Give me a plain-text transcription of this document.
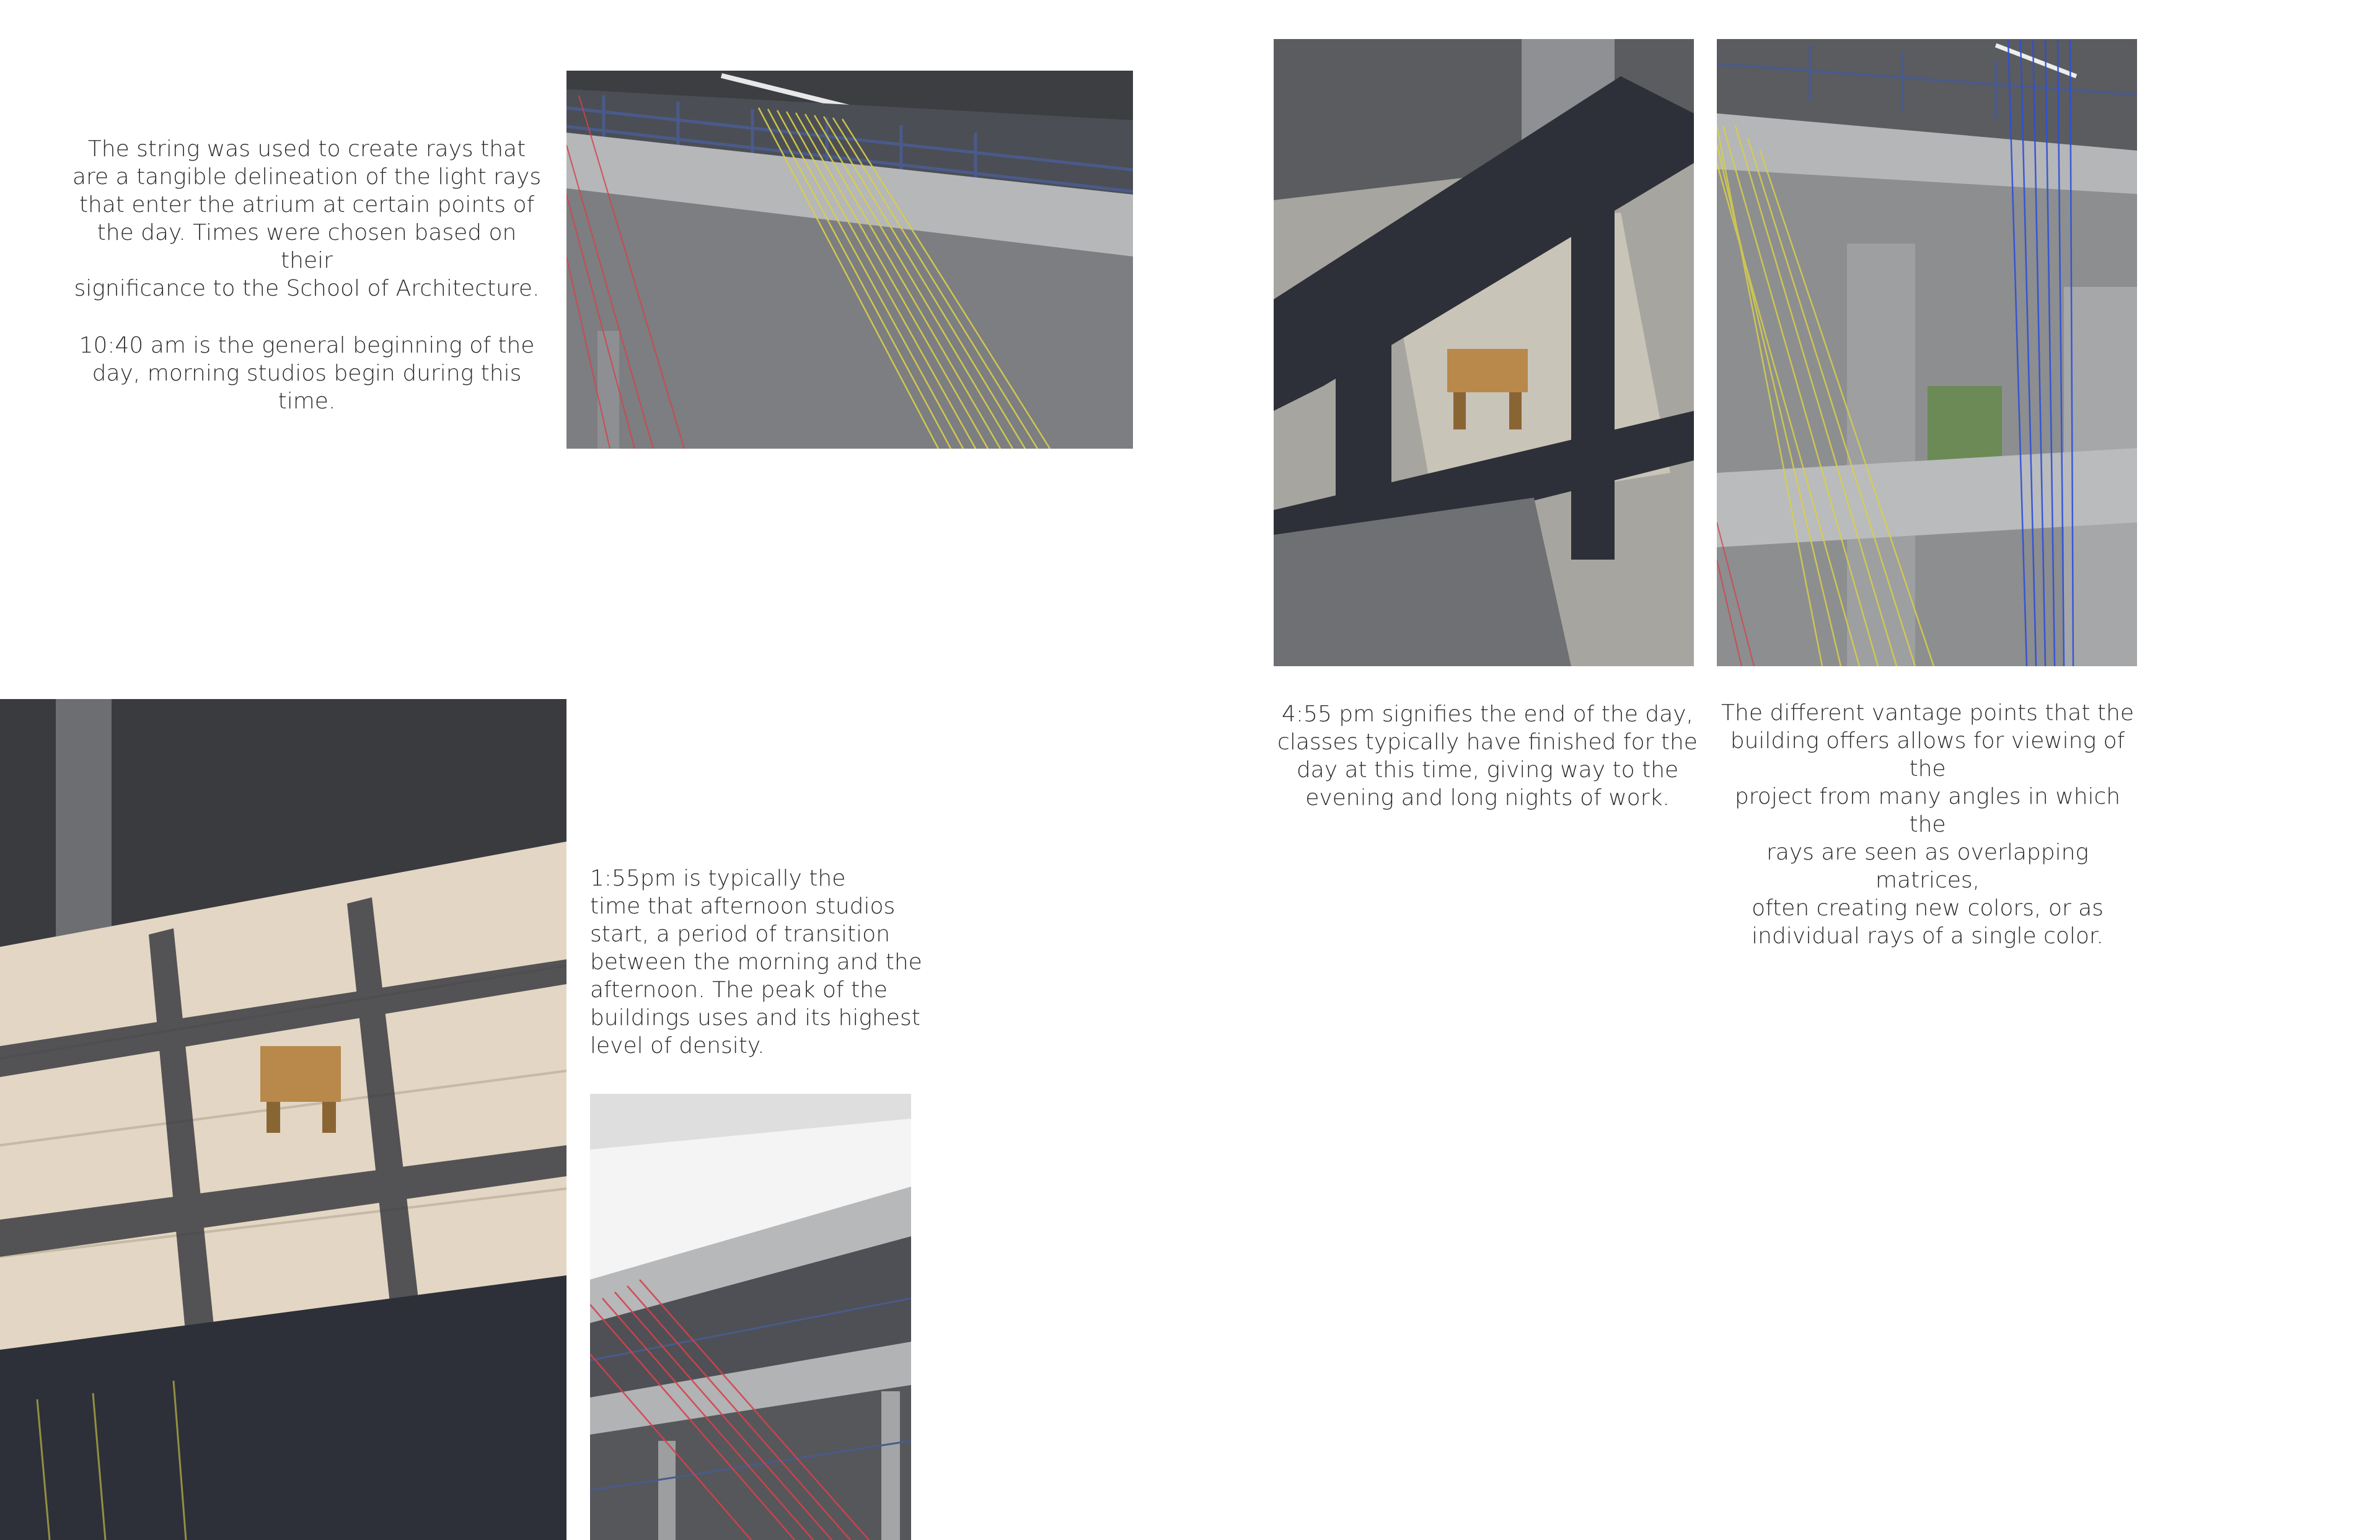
The string was used to create rays that
are a tangible delineation of the light rays
that enter the atrium at certain points of
the day. Times were chosen based on their
significance to the School of Architecture.
10:40 am is the general beginning of the
day, morning studios begin during this time.
1:55pm is typically the
time that afternoon studios
start, a period of transition
between the morning and the
afternoon. The peak of the
buildings uses and its highest
level of density.
4:55 pm signifies the end of the day,
classes typically have finished for the
day at this time, giving way to the
evening and long nights of work.
The different vantage points that the
building offers allows for viewing of the
project from many angles in which the
rays are seen as overlapping matrices,
often creating new colors, or as
individual rays of a single color.
